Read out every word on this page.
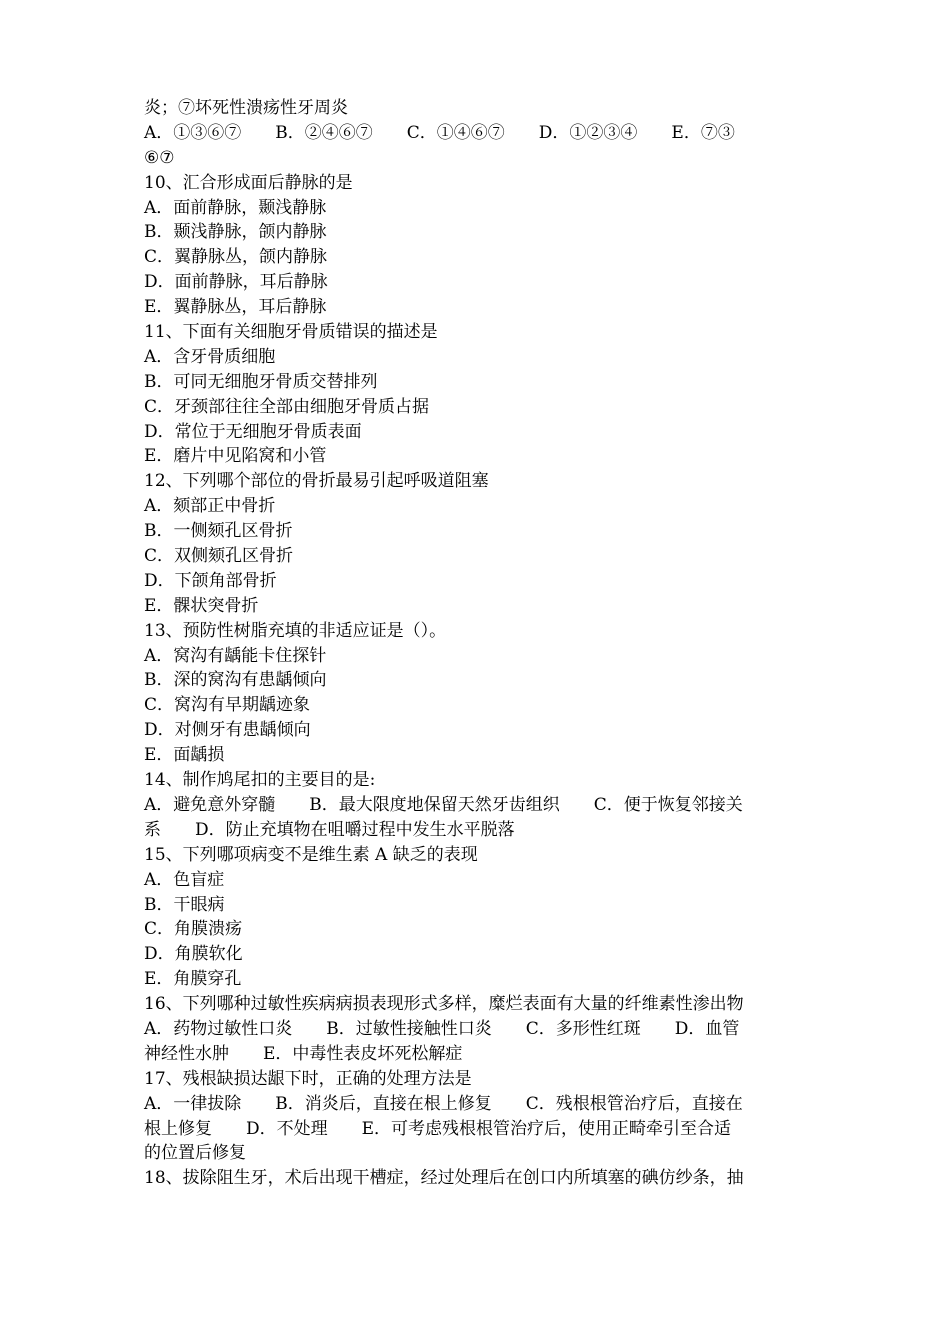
炎；⑦坏死性溃疡性牙周炎
A．①③⑥⑦　　B．②④⑥⑦　　C．①④⑥⑦　　D．①②③④　　E．⑦③
⑥⑦
10、汇合形成面后静脉的是
A．面前静脉，颞浅静脉
B．颞浅静脉，颌内静脉
C．翼静脉丛，颌内静脉
D．面前静脉，耳后静脉
E．翼静脉丛，耳后静脉
11、下面有关细胞牙骨质错误的描述是
A．含牙骨质细胞
B．可同无细胞牙骨质交替排列
C．牙颈部往往全部由细胞牙骨质占据
D．常位于无细胞牙骨质表面
E．磨片中见陷窝和小管
12、下列哪个部位的骨折最易引起呼吸道阻塞
A．颏部正中骨折
B．一侧颏孔区骨折
C．双侧颏孔区骨折
D．下颌角部骨折
E．髁状突骨折
13、预防性树脂充填的非适应证是（）。
A．窝沟有龋能卡住探针
B．深的窝沟有患龋倾向
C．窝沟有早期龋迹象
D．对侧牙有患龋倾向
E．面龋损
14、制作鸠尾扣的主要目的是:
A．避免意外穿髓　　B．最大限度地保留天然牙齿组织　　C．便于恢复邻接关
系　　D．防止充填物在咀嚼过程中发生水平脱落
15、下列哪项病变不是维生素 A 缺乏的表现
A．色盲症
B．干眼病
C．角膜溃疡
D．角膜软化
E．角膜穿孔
16、下列哪种过敏性疾病病损表现形式多样，糜烂表面有大量的纤维素性渗出物
A．药物过敏性口炎　　B．过敏性接触性口炎　　C．多形性红斑　　D．血管
神经性水肿　　E．中毒性表皮坏死松解症
17、残根缺损达龈下时，正确的处理方法是
A．一律拔除　　B．消炎后，直接在根上修复　　C．残根根管治疗后，直接在
根上修复　　D．不处理　　E．可考虑残根根管治疗后，使用正畸牵引至合适
的位置后修复
18、拔除阻生牙，术后出现干槽症，经过处理后在创口内所填塞的碘仿纱条，抽
